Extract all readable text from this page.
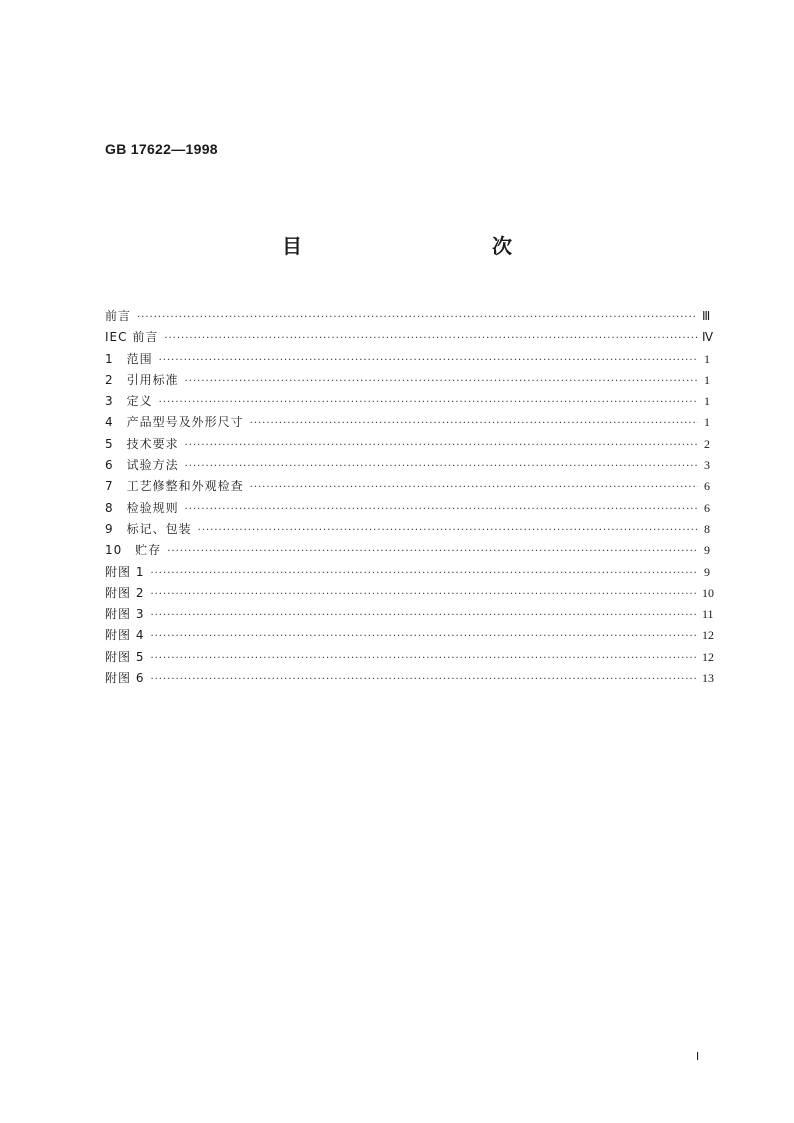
GB 17622—1998
目　　次
前言 ·····	Ⅲ
IEC 前言 ·····	Ⅳ
1　范围 ·····	1
2　引用标准 ·····	1
3　定义 ·····	1
4　产品型号及外形尺寸 ·····	1
5　技术要求 ·····	2
6　试验方法 ·····	3
7　工艺修整和外观检查 ·····	6
8　检验规则 ·····	6
9　标记、包装 ·····	8
10　贮存 ·····	9
附图 1 ·····	9
附图 2 ·····	10
附图 3 ·····	11
附图 4 ·····	12
附图 5 ·····	12
附图 6 ·····	13
Ⅰ
